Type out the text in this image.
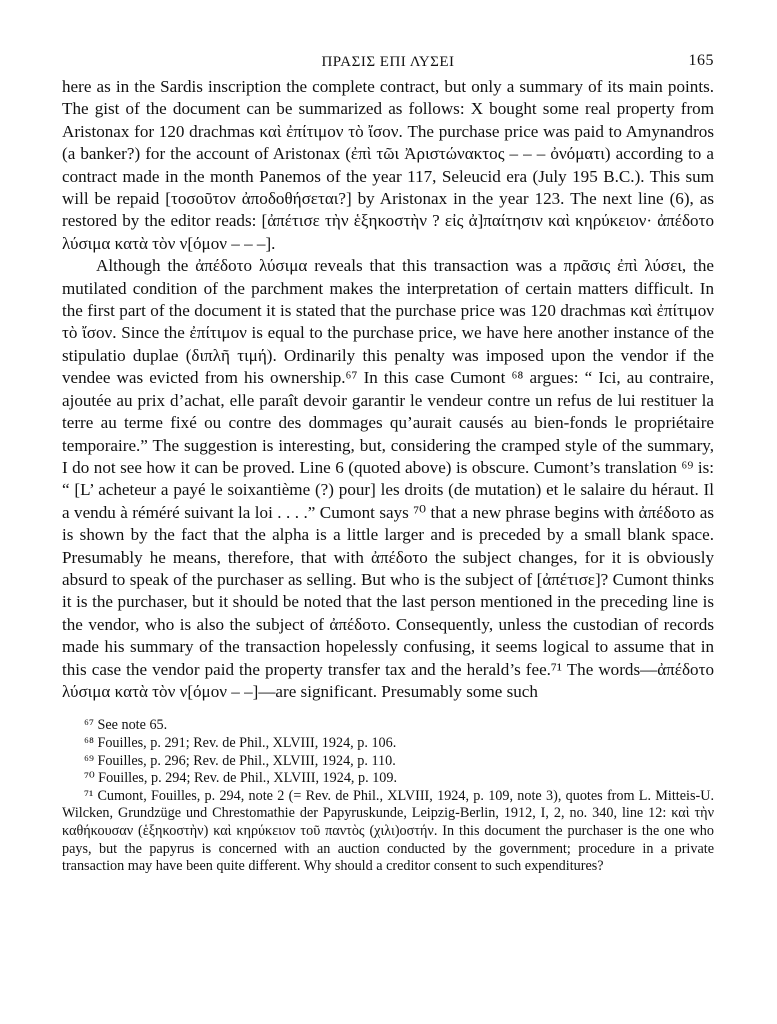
ΠΡΑΣΙΣ ΕΠΙ ΛΥΣΕΙ	165

here as in the Sardis inscription the complete contract, but only a summary of its main points. The gist of the document can be summarized as follows: X bought some real property from Aristonax for 120 drachmas καὶ ἐπίτιμον τὸ ἴσον. The purchase price was paid to Amynandros (a banker?) for the account of Aristonax (ἐπὶ τῶι Ἀριστώνακτος – – – ὀνόματι) according to a contract made in the month Panemos of the year 117, Seleucid era (July 195 B.C.). This sum will be repaid [τοσοῦτον ἀποδοθήσεται?] by Aristonax in the year 123. The next line (6), as restored by the editor reads: [ἀπέτισε τὴν ἑξηκοστὴν ? εἰς ἀ]παίτησιν καὶ κηρύκειον· ἀπέδοτο λύσιμα κατὰ τὸν ν[όμον – – –].

Although the ἀπέδοτο λύσιμα reveals that this transaction was a πρᾶσις ἐπὶ λύσει, the mutilated condition of the parchment makes the interpretation of certain matters difficult. In the first part of the document it is stated that the purchase price was 120 drachmas καὶ ἐπίτιμον τὸ ἴσον. Since the ἐπίτιμον is equal to the purchase price, we have here another instance of the stipulatio duplae (διπλῆ τιμή). Ordinarily this penalty was imposed upon the vendor if the vendee was evicted from his ownership.⁶⁷ In this case Cumont ⁶⁸ argues: “ Ici, au contraire, ajoutée au prix d’achat, elle paraît devoir garantir le vendeur contre un refus de lui restituer la terre au terme fixé ou contre des dommages qu’aurait causés au bien-fonds le propriétaire temporaire.” The suggestion is interesting, but, considering the cramped style of the summary, I do not see how it can be proved. Line 6 (quoted above) is obscure. Cumont’s translation ⁶⁹ is: “ [L’ acheteur a payé le soixantième (?) pour] les droits (de mutation) et le salaire du héraut. Il a vendu à réméré suivant la loi . . . .” Cumont says ⁷⁰ that a new phrase begins with ἀπέδοτο as is shown by the fact that the alpha is a little larger and is preceded by a small blank space. Presumably he means, therefore, that with ἀπέδοτο the subject changes, for it is obviously absurd to speak of the purchaser as selling. But who is the subject of [ἀπέτισε]? Cumont thinks it is the purchaser, but it should be noted that the last person mentioned in the preceding line is the vendor, who is also the subject of ἀπέδοτο. Consequently, unless the custodian of records made his summary of the transaction hopelessly confusing, it seems logical to assume that in this case the vendor paid the property transfer tax and the herald’s fee.⁷¹ The words—ἀπέδοτο λύσιμα κατὰ τὸν ν[όμον – –]—are significant. Presumably some such

⁶⁷ See note 65.

⁶⁸ Fouilles, p. 291; Rev. de Phil., XLVIII, 1924, p. 106.

⁶⁹ Fouilles, p. 296; Rev. de Phil., XLVIII, 1924, p. 110.

⁷⁰ Fouilles, p. 294; Rev. de Phil., XLVIII, 1924, p. 109.

⁷¹ Cumont, Fouilles, p. 294, note 2 (= Rev. de Phil., XLVIII, 1924, p. 109, note 3), quotes from L. Mitteis-U. Wilcken, Grundzüge und Chrestomathie der Papyruskunde, Leipzig-Berlin, 1912, I, 2, no. 340, line 12: καὶ τὴν καθήκουσαν (ἑξηκοστὴν) καὶ κηρύκειον τοῦ παντὸς (χιλι)οστήν. In this document the purchaser is the one who pays, but the papyrus is concerned with an auction conducted by the government; procedure in a private transaction may have been quite different. Why should a creditor consent to such expenditures?
